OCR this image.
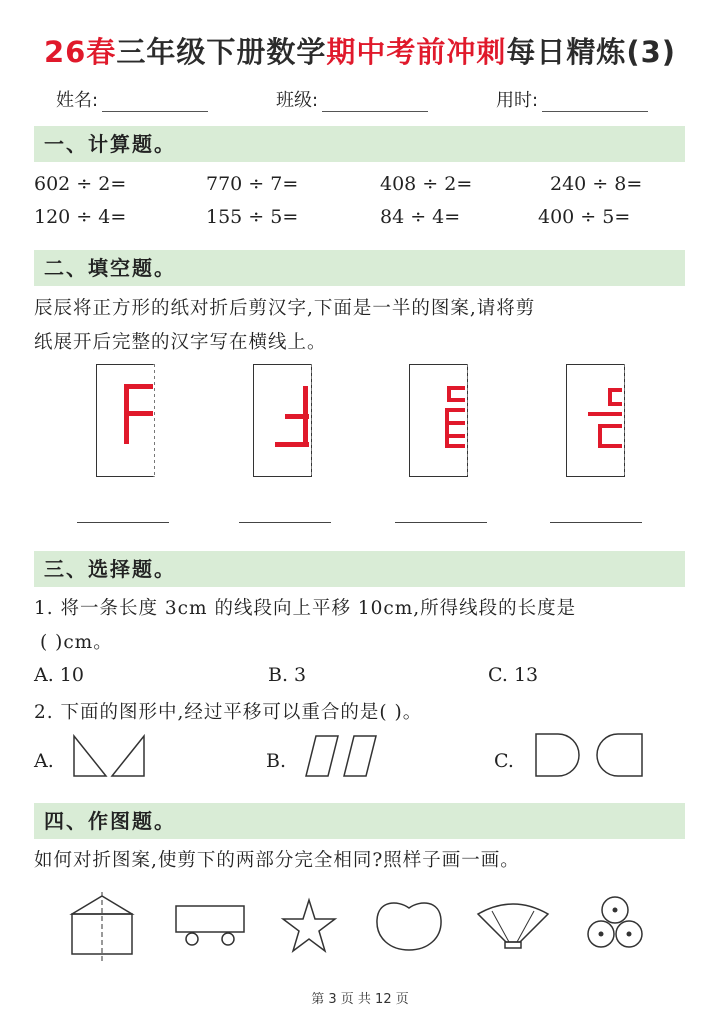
26春三年级下册数学期中考前冲刺每日精炼(3)
姓名:	班级:	用时:
一、计算题。
602 ÷ 2=	770 ÷ 7=	408 ÷ 2=	240 ÷ 8=
120 ÷ 4=	155 ÷ 5=	84 ÷ 4=	400 ÷ 5=
二、填空题。
辰辰将正方形的纸对折后剪汉字,下面是一半的图案,请将剪
纸展开后完整的汉字写在横线上。
三、选择题。
1. 将一条长度 3cm 的线段向上平移 10cm,所得线段的长度是
( )cm。
A. 10	B. 3	C. 13
2. 下面的图形中,经过平移可以重合的是( )。
A.	B.	C.
四、作图题。
如何对折图案,使剪下的两部分完全相同?照样子画一画。
第 3 页 共 12 页
